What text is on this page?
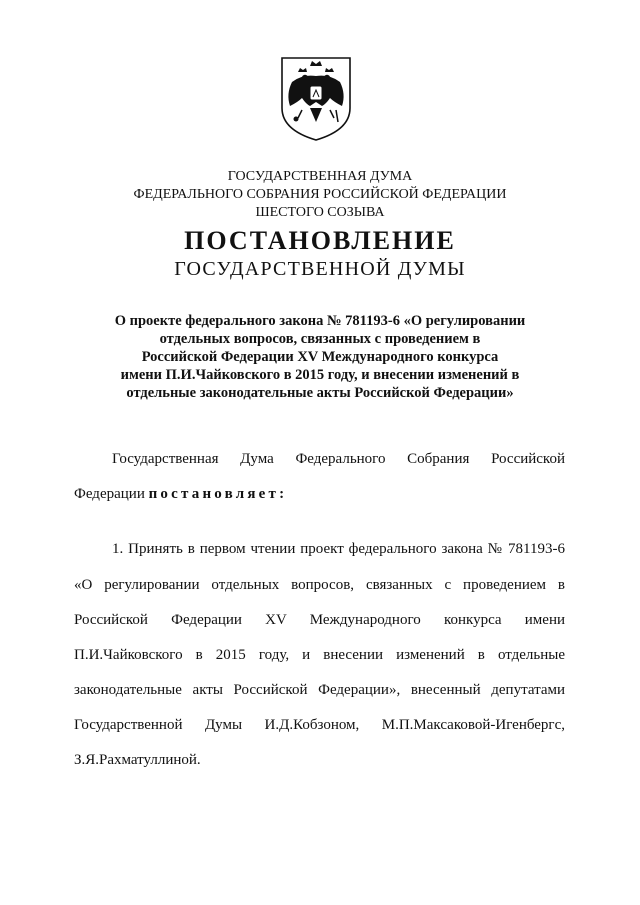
ГОСУДАРСТВЕННАЯ ДУМА
ФЕДЕРАЛЬНОГО СОБРАНИЯ РОССИЙСКОЙ ФЕДЕРАЦИИ
ШЕСТОГО СОЗЫВА
ПОСТАНОВЛЕНИЕ
ГОСУДАРСТВЕННОЙ ДУМЫ
О проекте федерального закона № 781193-6 «О регулировании
отдельных вопросов, связанных с проведением в
Российской Федерации XV Международного конкурса
имени П.И.Чайковского в 2015 году, и внесении изменений в
отдельные законодательные акты Российской Федерации»
Государственная Дума Федерального Собрания Российской
Федерации постановляет:
1. Принять в первом чтении проект федерального закона № 781193-6
«О регулировании отдельных вопросов, связанных с проведением в
Российской Федерации XV Международного конкурса имени
П.И.Чайковского в 2015 году, и внесении изменений в отдельные
законодательные акты Российской Федерации», внесенный депутатами
Государственной Думы И.Д.Кобзоном, М.П.Максаковой-Игенбергс,
З.Я.Рахматуллиной.
